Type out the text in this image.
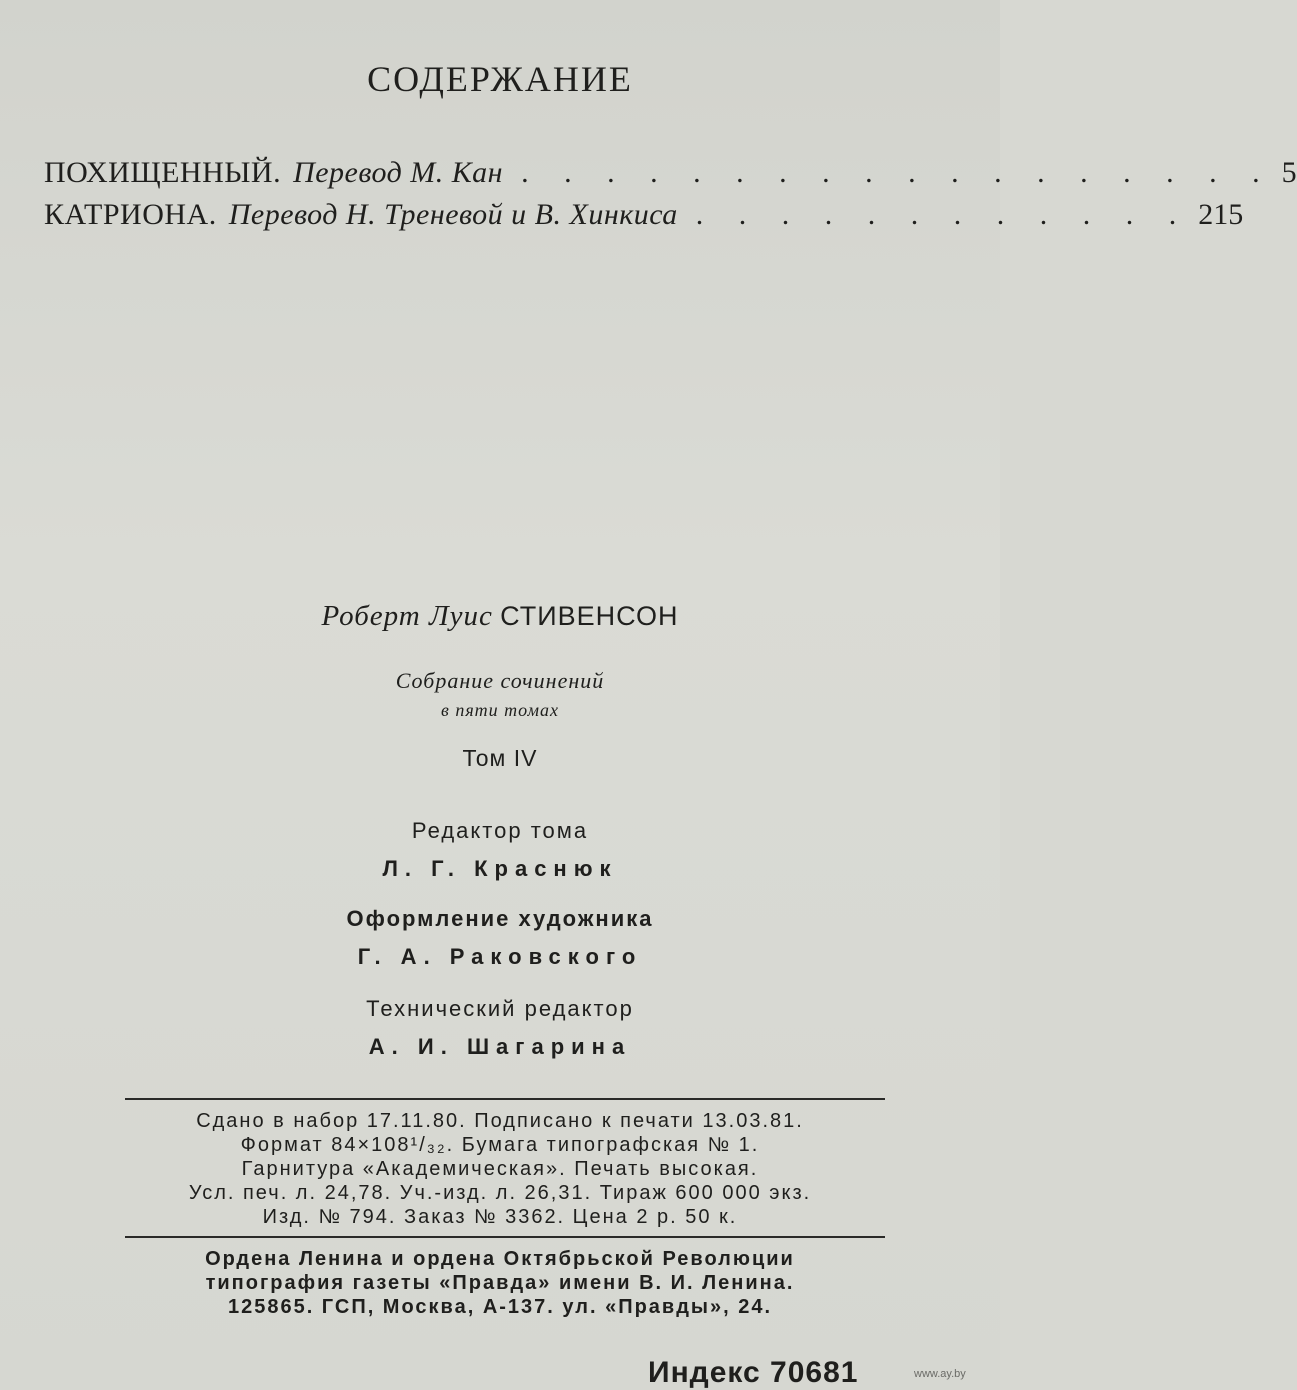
СОДЕРЖАНИЕ
ПОХИЩЕННЫЙ. Перевод М. Кан . . . . . . . . . . . . . . . . . . 5
КАТРИОНА. Перевод Н. Треневой и В. Хинкиса . . . . . . . . . . . . 215
Роберт Луис СТИВЕНСОН
Собрание сочинений
в пяти томах
Том IV
Редактор тома
Л. Г. Краснюк
Оформление художника
Г. А. Раковского
Технический редактор
А. И. Шагарина
Сдано в набор 17.11.80. Подписано к печати 13.03.81.
Формат 84×108¹/₃₂. Бумага типографская № 1.
Гарнитура «Академическая». Печать высокая.
Усл. печ. л. 24,78. Уч.-изд. л. 26,31. Тираж 600 000 экз.
Изд. № 794. Заказ № 3362. Цена 2 р. 50 к.
Ордена Ленина и ордена Октябрьской Революции
типография газеты «Правда» имени В. И. Ленина.
125865. ГСП, Москва, А-137. ул. «Правды», 24.
Индекс 70681	www.ay.by
